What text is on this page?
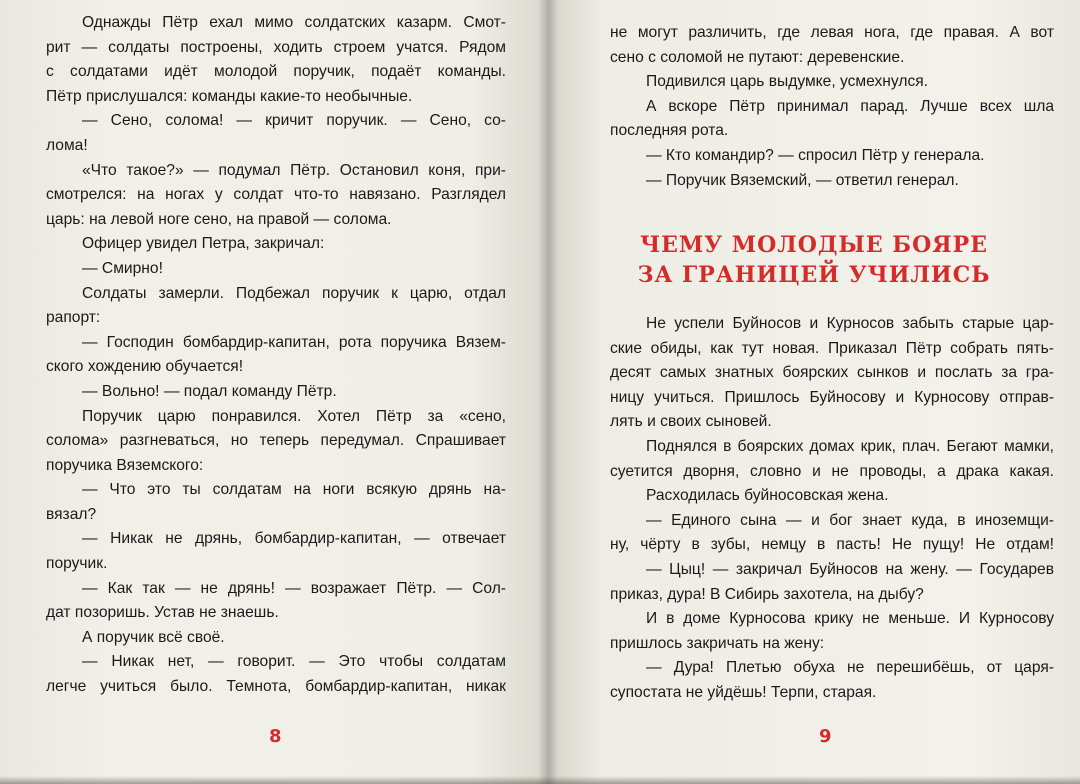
Однажды Пётр ехал мимо солдатских казарм. Смот-
рит — солдаты построены, ходить строем учатся. Рядом
с солдатами идёт молодой поручик, подаёт команды.
Пётр прислушался: команды какие-то необычные.
— Сено, солома! — кричит поручик. — Сено, со-
лома!
«Что такое?» — подумал Пётр. Остановил коня, при-
смотрелся: на ногах у солдат что-то навязано. Разглядел
царь: на левой ноге сено, на правой — солома.
Офицер увидел Петра, закричал:
— Смирно!
Солдаты замерли. Подбежал поручик к царю, отдал
рапорт:
— Господин бомбардир-капитан, рота поручика Вязем-
ского хождению обучается!
— Вольно! — подал команду Пётр.
Поручик царю понравился. Хотел Пётр за «сено,
солома» разгневаться, но теперь передумал. Спрашивает
поручика Вяземского:
— Что это ты солдатам на ноги всякую дрянь на-
вязал?
— Никак не дрянь, бомбардир-капитан, — отвечает
поручик.
— Как так — не дрянь! — возражает Пётр. — Сол-
дат позоришь. Устав не знаешь.
А поручик всё своё.
— Никак нет, — говорит. — Это чтобы солдатам
легче учиться было. Темнота, бомбардир-капитан, никак
8
не могут различить, где левая нога, где правая. А вот
сено с соломой не путают: деревенские.
Подивился царь выдумке, усмехнулся.
А вскоре Пётр принимал парад. Лучше всех шла
последняя рота.
— Кто командир? — спросил Пётр у генерала.
— Поручик Вяземский, — ответил генерал.
ЧЕМУ МОЛОДЫЕ БОЯРЕ
ЗА ГРАНИЦЕЙ УЧИЛИСЬ
Не успели Буйносов и Курносов забыть старые цар-
ские обиды, как тут новая. Приказал Пётр собрать пять-
десят самых знатных боярских сынков и послать за гра-
ницу учиться. Пришлось Буйносову и Курносову отправ-
лять и своих сыновей.
Поднялся в боярских домах крик, плач. Бегают мамки,
суетится дворня, словно и не проводы, а драка какая.
Расходилась буйносовская жена.
— Единого сына — и бог знает куда, в иноземщи-
ну, чёрту в зубы, немцу в пасть! Не пущу! Не отдам!
— Цыц! — закричал Буйносов на жену. — Государев
приказ, дура! В Сибирь захотела, на дыбу?
И в доме Курносова крику не меньше. И Курносову
пришлось закричать на жену:
— Дура! Плетью обуха не перешибёшь, от царя-
супостата не уйдёшь! Терпи, старая.
9
